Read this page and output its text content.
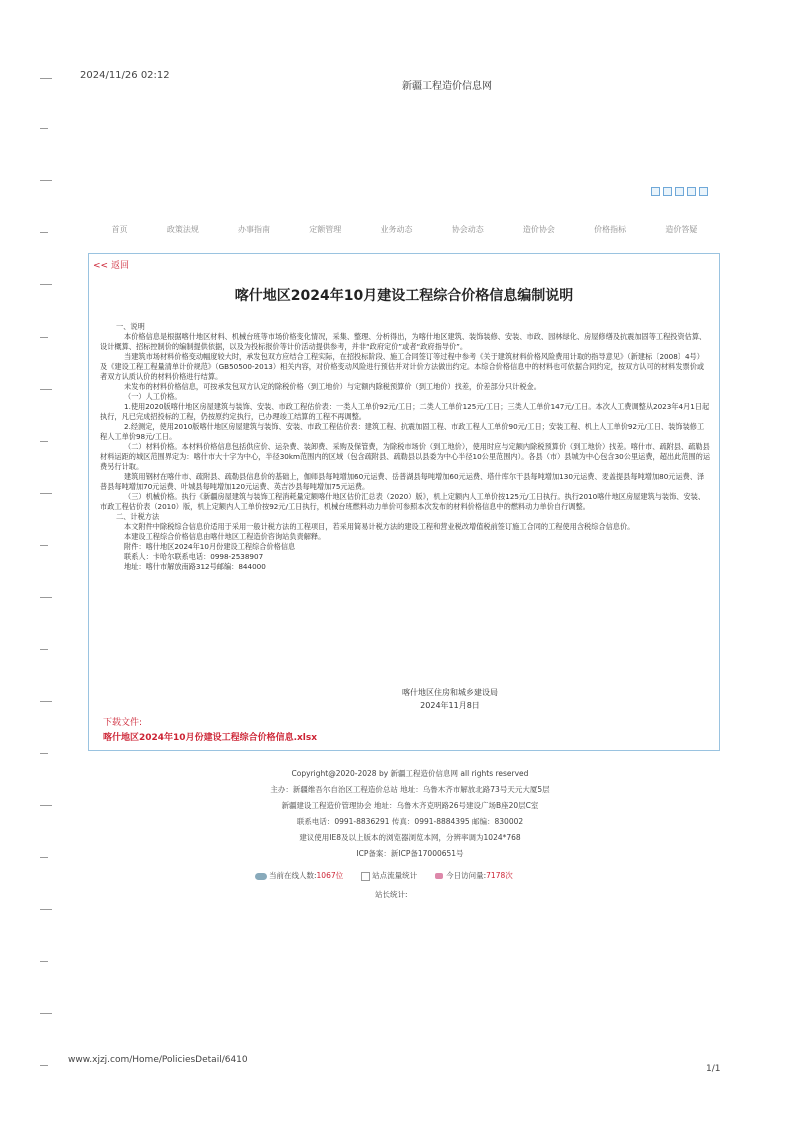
2024/11/26 02:12
新疆工程造价信息网
首页	政策法规	办事指南	定额管理	业务动态	协会动态	造价协会	价格指标	造价答疑
<< 返回
喀什地区2024年10月建设工程综合价格信息编制说明

一、说明

本价格信息是根据喀什地区材料、机械台班等市场价格变化情况，采集、整理、分析得出，为喀什地区建筑、装饰装修、安装、市政、园林绿化、房屋修缮及抗震加固等工程投资估算、设计概算、招标控制价的编制提供依据，以及为投标报价等计价活动提供参考，并非“政府定价”或者“政府指导价”。

当建筑市场材料价格变动幅度较大时，承发包双方应结合工程实际，在招投标阶段、施工合同签订等过程中参考《关于建筑材料价格风险费用计取的指导意见》（新建标〔2008〕4号）及《建设工程工程量清单计价规范》（GB50500-2013）相关内容，对价格变动风险进行预估并对计价方法做出约定。本综合价格信息中的材料也可依据合同约定，按双方认可的材料发票价或者双方认质认价的材料价格进行结算。

未发布的材料价格信息，可按承发包双方认定的除税价格（到工地价）与定额内除税预算价（到工地价）找差，价差部分只计税金。

（一）人工价格。

1.使用2020版喀什地区房屋建筑与装饰、安装、市政工程估价表：一类人工单价92元/工日；二类人工单价125元/工日；三类人工单价147元/工日。本次人工费调整从2023年4月1日起执行，凡已完成招投标的工程，仍按原约定执行，已办理竣工结算的工程不再调整。

2.经测定，使用2010版喀什地区房屋建筑与装饰、安装、市政工程估价表：建筑工程、抗震加固工程、市政工程人工单价90元/工日；安装工程、机上人工单价92元/工日、装饰装修工程人工单价98元/工日。

（二）材料价格。本材料价格信息包括供应价、运杂费、装卸费、采购及保管费，为除税市场价（到工地价），使用时应与定额内除税预算价（到工地价）找差。喀什市、疏附县、疏勒县材料运距的城区范围界定为：喀什市大十字为中心，半径30km范围内的区域（包含疏附县、疏勒县以县委为中心半径10公里范围内）。各县（市）县城为中心包含30公里运费，超出此范围的运费另行计取。

建筑用钢材在喀什市、疏附县、疏勒县信息价的基础上，伽师县每吨增加60元运费、岳普湖县每吨增加60元运费、塔什库尔干县每吨增加130元运费、麦盖提县每吨增加80元运费、泽普县每吨增加70元运费、叶城县每吨增加120元运费、英吉沙县每吨增加75元运费。

（三）机械价格。执行《新疆房屋建筑与装饰工程消耗量定额喀什地区估价汇总表（2020）版》，机上定额内人工单价按125元/工日执行。执行2010喀什地区房屋建筑与装饰、安装、市政工程估价表（2010）版，机上定额内人工单价按92元/工日执行，机械台班燃料动力单价可参照本次发布的材料价格信息中的燃料动力单价自行调整。

二、计税方法

本文附件中除税综合信息价适用于采用一般计税方法的工程项目，若采用简易计税方法的建设工程和营业税改增值税前签订施工合同的工程使用含税综合信息价。

本建设工程综合价格信息由喀什地区工程造价咨询站负责解释。

附件：喀什地区2024年10月份建设工程综合价格信息

联系人：卡哈尔联系电话：0998-2538907

地址：喀什市解放南路312号邮编：844000

喀什地区住房和城乡建设局
2024年11月8日
下载文件:
喀什地区2024年10月份建设工程综合价格信息.xlsx

Copyright@2020-2028 by 新疆工程造价信息网 all rights reserved

主办：新疆维吾尔自治区工程造价总站 地址：乌鲁木齐市解放北路73号天元大厦5层

新疆建设工程造价管理协会 地址：乌鲁木齐克明路26号建设广场B座20层C室

联系电话：0991-8836291 传真：0991-8884395 邮编：830002

建议使用IE8及以上版本的浏览器浏览本网，分辨率调为1024*768

ICP备案：新ICP备17000651号

当前在线人数:1067位	站点流量统计	今日访问量:7178次
站长统计:
www.xjzj.com/Home/PoliciesDetail/6410
1/1
